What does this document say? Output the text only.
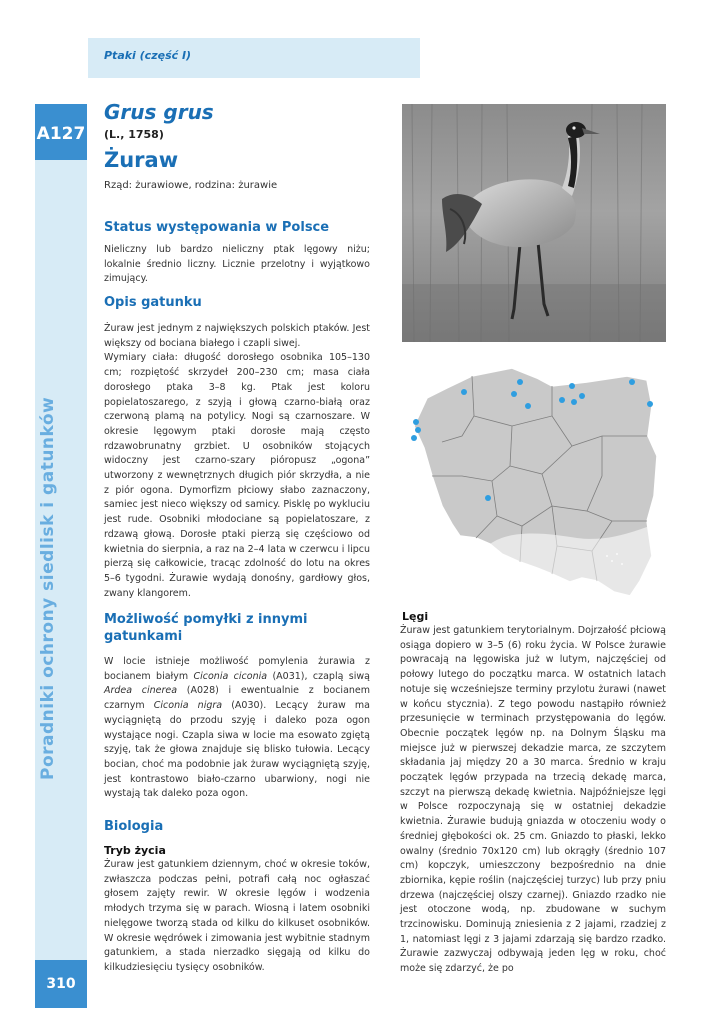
Ptaki (część I)
A127
Poradniki ochrony siedlisk i gatunków
310
Grus grus
(L., 1758)
Żuraw
Rząd: żurawiowe, rodzina: żurawie
Status występowania w Polsce
Nieliczny lub bardzo nieliczny ptak lęgowy niżu; lokalnie średnio liczny. Licznie przelotny i wyjątkowo zimujący.
Opis gatunku
Żuraw jest jednym z największych polskich ptaków. Jest większy od bociana białego i czapli siwej.
Wymiary ciała: długość dorosłego osobnika 105–130 cm; rozpiętość skrzydeł 200–230 cm; masa ciała dorosłego ptaka 3–8 kg. Ptak jest koloru popielatoszarego, z szyją i głową czarno-białą oraz czerwoną plamą na potylicy. Nogi są czarnoszare. W okresie lęgowym ptaki dorosłe mają często rdzawobrunatny grzbiet. U osobników stojących widoczny jest czarno-szary pióropusz „ogona” utworzony z wewnętrznych długich piór skrzydła, a nie z piór ogona. Dymorfizm płciowy słabo zaznaczony, samiec jest nieco większy od samicy. Pisklę po wykluciu jest rude. Osobniki młodociane są popielatoszare, z rdzawą głową. Dorosłe ptaki pierzą się częściowo od kwietnia do sierpnia, a raz na 2–4 lata w czerwcu i lipcu pierzą się całkowicie, tracąc zdolność do lotu na okres 5–6 tygodni. Żurawie wydają donośny, gardłowy głos, zwany klangorem.
Możliwość pomyłki z innymi gatunkami
W locie istnieje możliwość pomylenia żurawia z bocianem białym Ciconia ciconia (A031), czaplą siwą Ardea cinerea (A028) i ewentualnie z bocianem czarnym Ciconia nigra (A030). Lecący żuraw ma wyciągniętą do przodu szyję i daleko poza ogon wystające nogi. Czapla siwa w locie ma esowato zgiętą szyję, tak że głowa znajduje się blisko tułowia. Lecący bocian, choć ma podobnie jak żuraw wyciągniętą szyję, jest kontrastowo biało-czarno ubarwiony, nogi nie wystają tak daleko poza ogon.
Biologia
Tryb życia
Żuraw jest gatunkiem dziennym, choć w okresie toków, zwłaszcza podczas pełni, potrafi całą noc ogłaszać głosem zajęty rewir. W okresie lęgów i wodzenia młodych trzyma się w parach. Wiosną i latem osobniki nielęgowe tworzą stada od kilku do kilkuset osobników. W okresie wędrówek i zimowania jest wybitnie stadnym gatunkiem, a stada nierzadko sięgają od kilku do kilkudziesięciu tysięcy osobników.
Lęgi
Żuraw jest gatunkiem terytorialnym. Dojrzałość płciową osiąga dopiero w 3–5 (6) roku życia. W Polsce żurawie powracają na lęgowiska już w lutym, najczęściej od połowy lutego do początku marca. W ostatnich latach notuje się wcześniejsze terminy przylotu żurawi (nawet w końcu stycznia). Z tego powodu nastąpiło również przesunięcie w terminach przystępowania do lęgów. Obecnie początek lęgów np. na Dolnym Śląsku ma miejsce już w pierwszej dekadzie marca, ze szczytem składania jaj między 20 a 30 marca. Średnio w kraju początek lęgów przypada na trzecią dekadę marca, szczyt na pierwszą dekadę kwietnia. Najpóźniejsze lęgi w Polsce rozpoczynają się w ostatniej dekadzie kwietnia. Żurawie budują gniazda w otoczeniu wody o średniej głębokości ok. 25 cm. Gniazdo to płaski, lekko owalny (średnio 70x120 cm) lub okrągły (średnio 107 cm) kopczyk, umieszczony bezpośrednio na dnie zbiornika, kępie roślin (najczęściej turzyc) lub przy pniu drzewa (najczęściej olszy czarnej). Gniazdo rzadko nie jest otoczone wodą, np. zbudowane w suchym trzcinowisku. Dominują zniesienia z 2 jajami, rzadziej z 1, natomiast lęgi z 3 jajami zdarzają się bardzo rzadko. Żurawie zazwyczaj odbywają jeden lęg w roku, choć może się zdarzyć, że po
